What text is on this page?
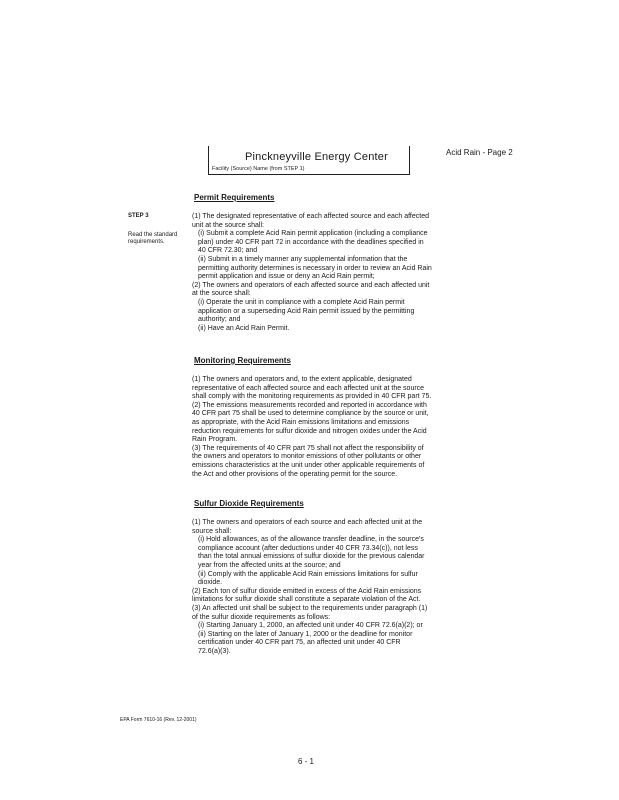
Pinckneyville Energy Center
Facility (Source) Name (from STEP 1)
Acid Rain - Page 2
STEP 3
Read the standard
requirements.
Permit Requirements

(1) The designated representative of each affected source and each affected

unit at the source shall:

(i) Submit a complete Acid Rain permit application (including a compliance

plan) under 40 CFR part 72 in accordance with the deadlines specified in

40 CFR 72.30; and

(ii) Submit in a timely manner any supplemental information that the

permitting authority determines is necessary in order to review an Acid Rain

permit application and issue or deny an Acid Rain permit;

(2) The owners and operators of each affected source and each affected unit

at the source shall:

(i) Operate the unit in compliance with a complete Acid Rain permit

application or a superseding Acid Rain permit issued by the permitting

authority; and

(ii) Have an Acid Rain Permit.

Monitoring Requirements

(1) The owners and operators and, to the extent applicable, designated

representative of each affected source and each affected unit at the source

shall comply with the monitoring requirements as provided in 40 CFR part 75.

(2) The emissions measurements recorded and reported in accordance with

40 CFR part 75 shall be used to determine compliance by the source or unit,

as appropriate, with the Acid Rain emissions limitations and emissions

reduction requirements for sulfur dioxide and nitrogen oxides under the Acid

Rain Program.

(3) The requirements of 40 CFR part 75 shall not affect the responsibility of

the owners and operators to monitor emissions of other pollutants or other

emissions characteristics at the unit under other applicable requirements of

the Act and other provisions of the operating permit for the source.

Sulfur Dioxide Requirements

(1) The owners and operators of each source and each affected unit at the

source shall:

(i) Hold allowances, as of the allowance transfer deadline, in the source's

compliance account (after deductions under 40 CFR 73.34(c)), not less

than the total annual emissions of sulfur dioxide for the previous calendar

year from the affected units at the source; and

(ii) Comply with the applicable Acid Rain emissions limitations for sulfur

dioxide.

(2) Each ton of sulfur dioxide emitted in excess of the Acid Rain emissions

limitations for sulfur dioxide shall constitute a separate violation of the Act.

(3) An affected unit shall be subject to the requirements under paragraph (1)

of the sulfur dioxide requirements as follows:

(i) Starting January 1, 2000, an affected unit under 40 CFR 72.6(a)(2); or

(ii) Starting on the later of January 1, 2000 or the deadline for monitor

certification under 40 CFR part 75, an affected unit under 40 CFR

72.6(a)(3).

EPA Form 7610-16 (Rev. 12-2001)
6 - 1
